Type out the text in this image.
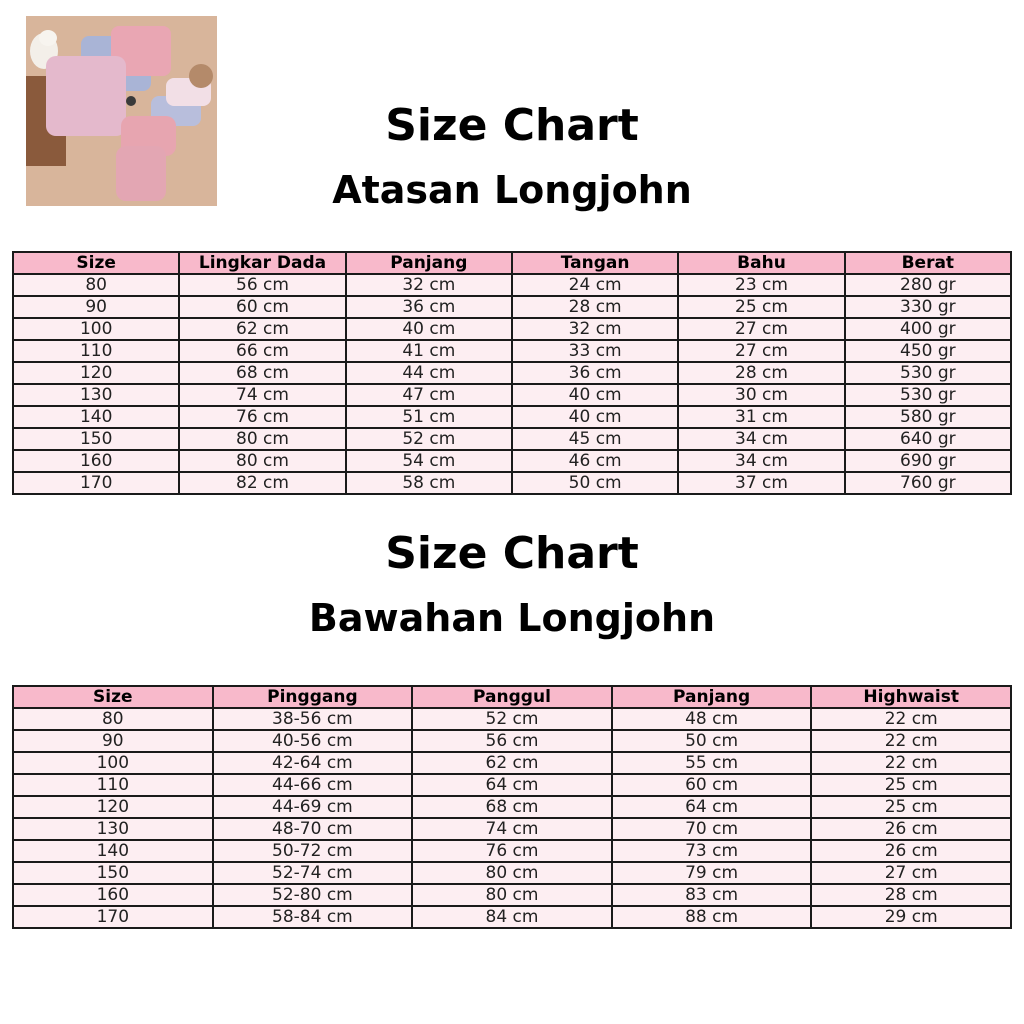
Size Chart
Atasan Longjohn
Size	Lingkar Dada	Panjang	Tangan	Bahu	Berat
80	56 cm	32 cm	24 cm	23 cm	280 gr
90	60 cm	36 cm	28 cm	25 cm	330 gr
100	62 cm	40 cm	32 cm	27 cm	400 gr
110	66 cm	41 cm	33 cm	27 cm	450 gr
120	68 cm	44 cm	36 cm	28 cm	530 gr
130	74 cm	47 cm	40 cm	30 cm	530 gr
140	76 cm	51 cm	40 cm	31 cm	580 gr
150	80 cm	52 cm	45 cm	34 cm	640 gr
160	80 cm	54 cm	46 cm	34 cm	690 gr
170	82 cm	58 cm	50 cm	37 cm	760 gr
Size Chart
Bawahan Longjohn
Size	Pinggang	Panggul	Panjang	Highwaist
80	38-56 cm	52 cm	48 cm	22 cm
90	40-56 cm	56 cm	50 cm	22 cm
100	42-64 cm	62 cm	55 cm	22 cm
110	44-66 cm	64 cm	60 cm	25 cm
120	44-69 cm	68 cm	64 cm	25 cm
130	48-70 cm	74 cm	70 cm	26 cm
140	50-72 cm	76 cm	73 cm	26 cm
150	52-74 cm	80 cm	79 cm	27 cm
160	52-80 cm	80 cm	83 cm	28 cm
170	58-84 cm	84 cm	88 cm	29 cm
